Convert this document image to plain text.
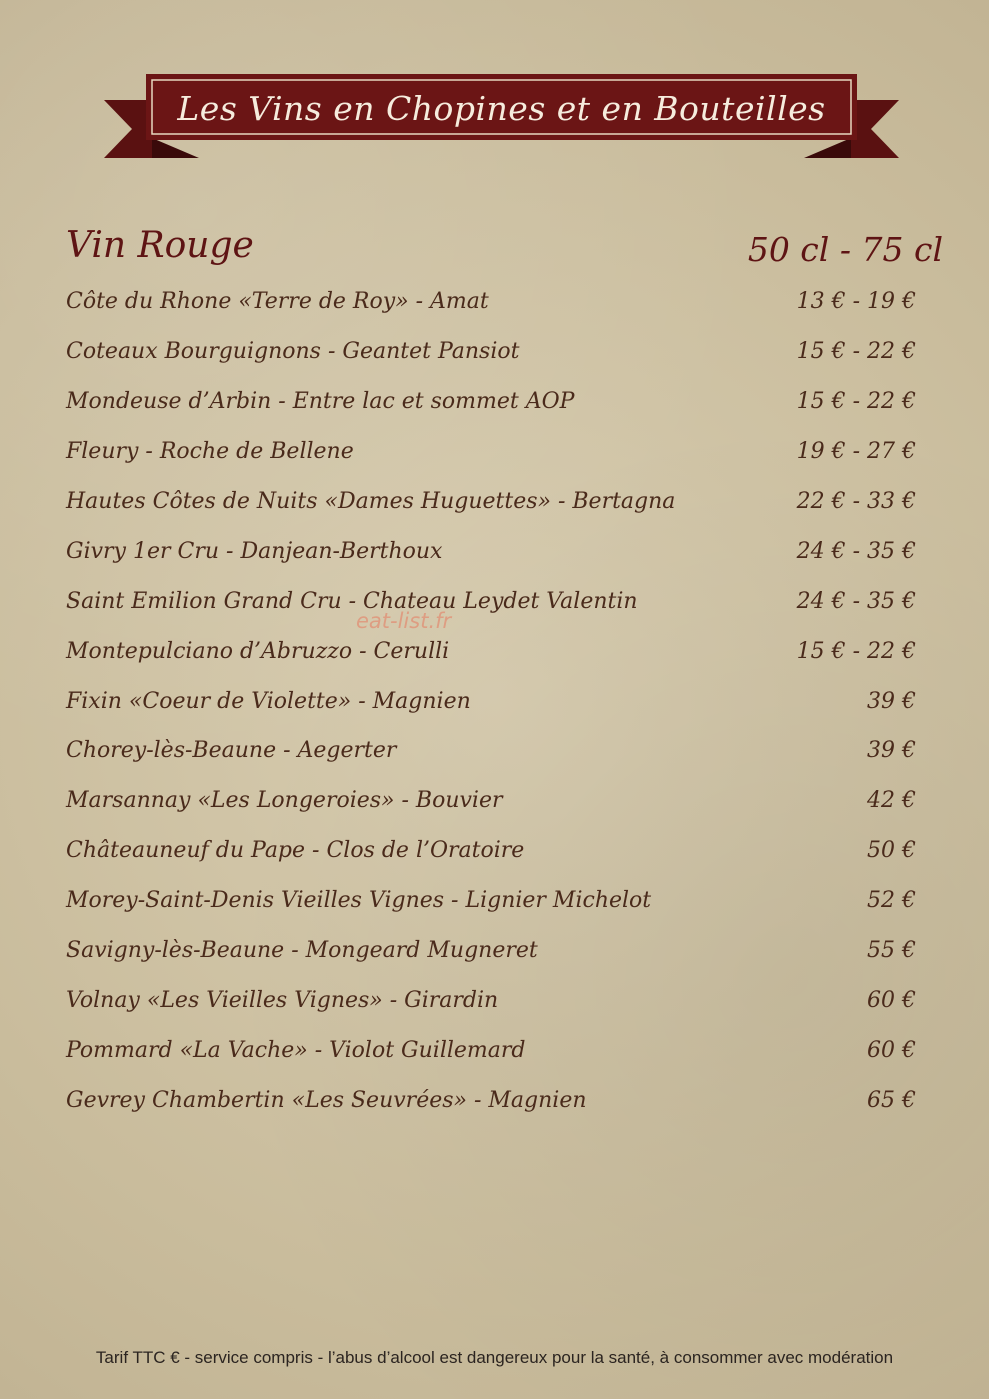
Les Vins en Chopines et en Bouteilles
Vin Rouge	50 cl - 75 cl
Côte du Rhone «Terre de Roy» - Amat	13 € - 19 €
Coteaux Bourguignons - Geantet Pansiot	15 € - 22 €
Mondeuse d’Arbin - Entre lac et sommet AOP	15 € - 22 €
Fleury - Roche de Bellene	19 € - 27 €
Hautes Côtes de Nuits «Dames Huguettes» - Bertagna	22 € - 33 €
Givry 1er Cru - Danjean-Berthoux	24 € - 35 €
Saint Emilion Grand Cru - Chateau Leydet Valentin	24 € - 35 €
Montepulciano d’Abruzzo - Cerulli	15 € - 22 €
Fixin «Coeur de Violette» - Magnien	39 €
Chorey-lès-Beaune - Aegerter	39 €
Marsannay «Les Longeroies» - Bouvier	42 €
Châteauneuf du Pape - Clos de l’Oratoire	50 €
Morey-Saint-Denis Vieilles Vignes - Lignier Michelot	52 €
Savigny-lès-Beaune - Mongeard Mugneret	55 €
Volnay «Les Vieilles Vignes» - Girardin	60 €
Pommard «La Vache» - Violot Guillemard	60 €
Gevrey Chambertin «Les Seuvrées» - Magnien	65 €
eat-list.fr
Tarif TTC € - service compris - l’abus d’alcool est dangereux pour la santé, à consommer avec modération
